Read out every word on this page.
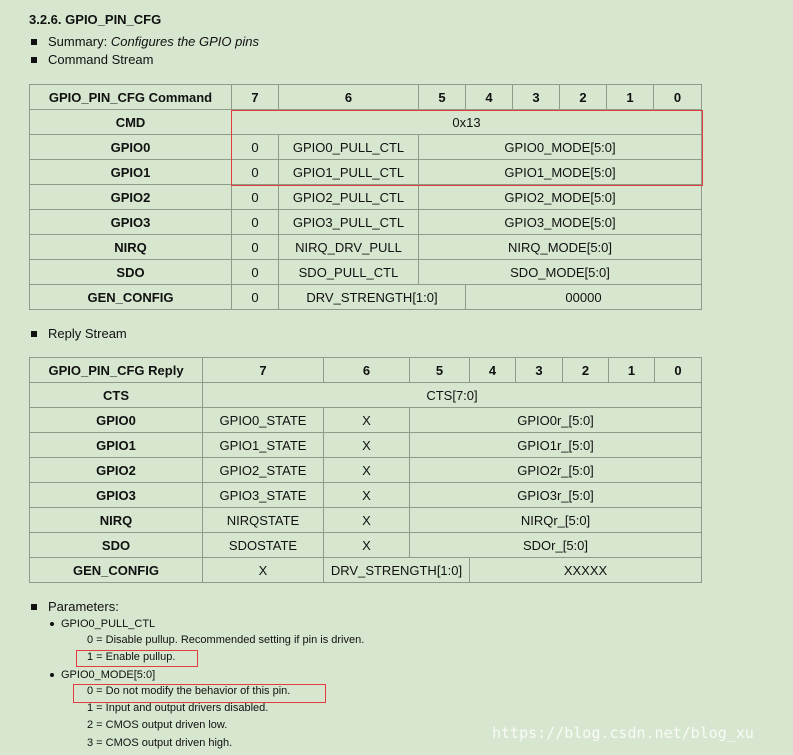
3.2.6. GPIO_PIN_CFG
Summary:
Configures the GPIO pins
Command Stream
GPIO_PIN_CFG Command	7	6	5	4	3	2	1	0
CMD	0x13							
GPIO0	0	GPIO0_PULL_CTL	GPIO0_MODE[5:0]					
GPIO1	0	GPIO1_PULL_CTL	GPIO1_MODE[5:0]					
GPIO2	0	GPIO2_PULL_CTL	GPIO2_MODE[5:0]					
GPIO3	0	GPIO3_PULL_CTL	GPIO3_MODE[5:0]					
NIRQ	0	NIRQ_DRV_PULL	NIRQ_MODE[5:0]					
SDO	0	SDO_PULL_CTL	SDO_MODE[5:0]					
GEN_CONFIG	0	DRV_STRENGTH[1:0]		00000				
Reply Stream
GPIO_PIN_CFG Reply	7	6	5	4	3	2	1	0
CTS	CTS[7:0]							
GPIO0	GPIO0_STATE	X	GPIO0r_[5:0]					
GPIO1	GPIO1_STATE	X	GPIO1r_[5:0]					
GPIO2	GPIO2_STATE	X	GPIO2r_[5:0]					
GPIO3	GPIO3_STATE	X	GPIO3r_[5:0]					
NIRQ	NIRQSTATE	X	NIRQr_[5:0]					
SDO	SDOSTATE	X	SDOr_[5:0]					
GEN_CONFIG	X	DRV_STRENGTH[1:0]		XXXXX				
Parameters:
GPIO0_PULL_CTL
0 = Disable pullup. Recommended setting if pin is driven.
1 = Enable pullup.
GPIO0_MODE[5:0]
0 = Do not modify the behavior of this pin.
1 = Input and output drivers disabled.
2 = CMOS output driven low.
3 = CMOS output driven high.
https://blog.csdn.net/blog_xu
